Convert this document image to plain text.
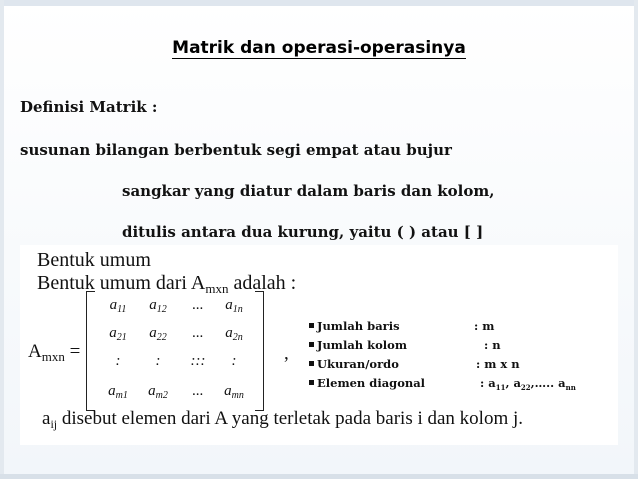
Matrik dan operasi-operasinya
Definisi Matrik :
susunan bilangan berbentuk segi empat atau bujur
sangkar yang diatur dalam baris dan kolom,
ditulis antara dua kurung, yaitu ( ) atau [ ]
Bentuk umum
Bentuk umum dari $A_{mxn}$ adalah :
$A_{mxn}$ =
$a_{11}$	$a_{12}$	...	$a_{1n}$
$a_{21}$	$a_{22}$	...	$a_{2n}$
:	:	:::	:
$a_{m1}$	$a_{m2}$	...	$a_{mn}$
,
Jumlah baris	: m
Jumlah kolom	: n
Ukuran/ordo	: m x n
Elemen diagonal	: $a_{11}$, $a_{22},\dots$.. $a_{nn}$
$a_{ij}$ disebut elemen dari A yang terletak pada baris i dan kolom j.
